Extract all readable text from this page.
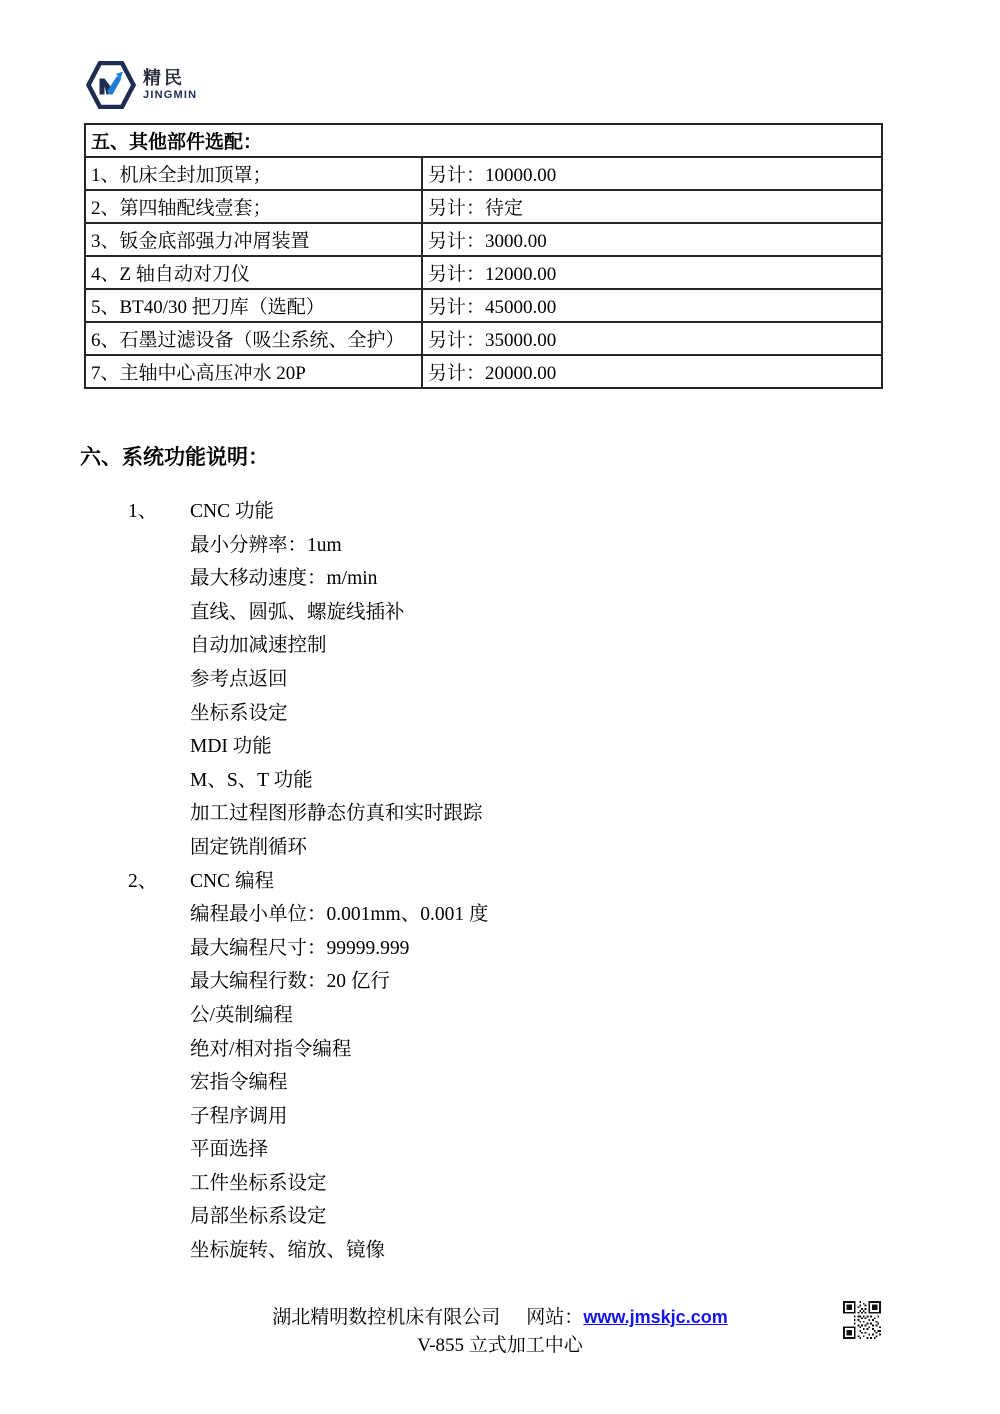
精民
JINGMIN
五、其他部件选配：	
1、机床全封加顶罩；	另计：10000.00
2、第四轴配线壹套；	另计：待定
3、钣金底部强力冲屑装置	另计：3000.00
4、Z 轴自动对刀仪	另计：12000.00
5、BT40/30 把刀库（选配）	另计：45000.00
6、石墨过滤设备（吸尘系统、全护）	另计：35000.00
7、主轴中心高压冲水 20P	另计：20000.00
六、系统功能说明：
1、 CNC 功能
最小分辨率：1um
最大移动速度：m/min
直线、圆弧、螺旋线插补
自动加减速控制
参考点返回
坐标系设定
MDI 功能
M、S、T 功能
加工过程图形静态仿真和实时跟踪
固定铣削循环
2、 CNC 编程
编程最小单位：0.001mm、0.001 度
最大编程尺寸：99999.999
最大编程行数：20 亿行
公/英制编程
绝对/相对指令编程
宏指令编程
子程序调用
平面选择
工件坐标系设定
局部坐标系设定
坐标旋转、缩放、镜像
湖北精明数控机床有限公司 网站：www.jmskjc.com
V-855 立式加工中心
